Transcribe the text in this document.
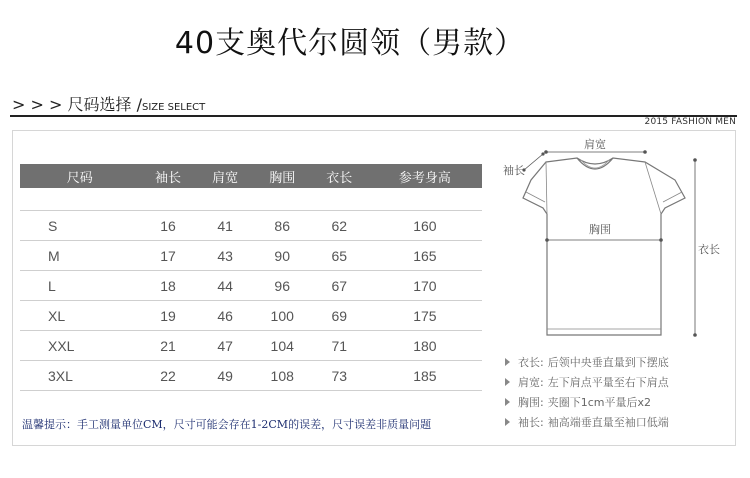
40支奥代尔圆领（男款）
> > > 尺码选择 /SIZE SELECT
2015 FASHION MEN
尺码	袖长	肩宽	胸围	衣长	参考身高

S	16	41	86	62	160
M	17	43	90	65	165
L	18	44	96	67	170
XL	19	46	100	69	175
XXL	21	47	104	71	180
3XL	22	49	108	73	185
温馨提示：手工测量单位CM，尺寸可能会存在1-2CM的误差，尺寸误差非质量问题
肩宽
袖长
胸围
衣长
衣长: 后领中央垂直量到下摆底
肩宽: 左下肩点平量至右下肩点
胸围: 夹圈下1cm平量后x2
袖长: 袖高端垂直量至袖口低端
